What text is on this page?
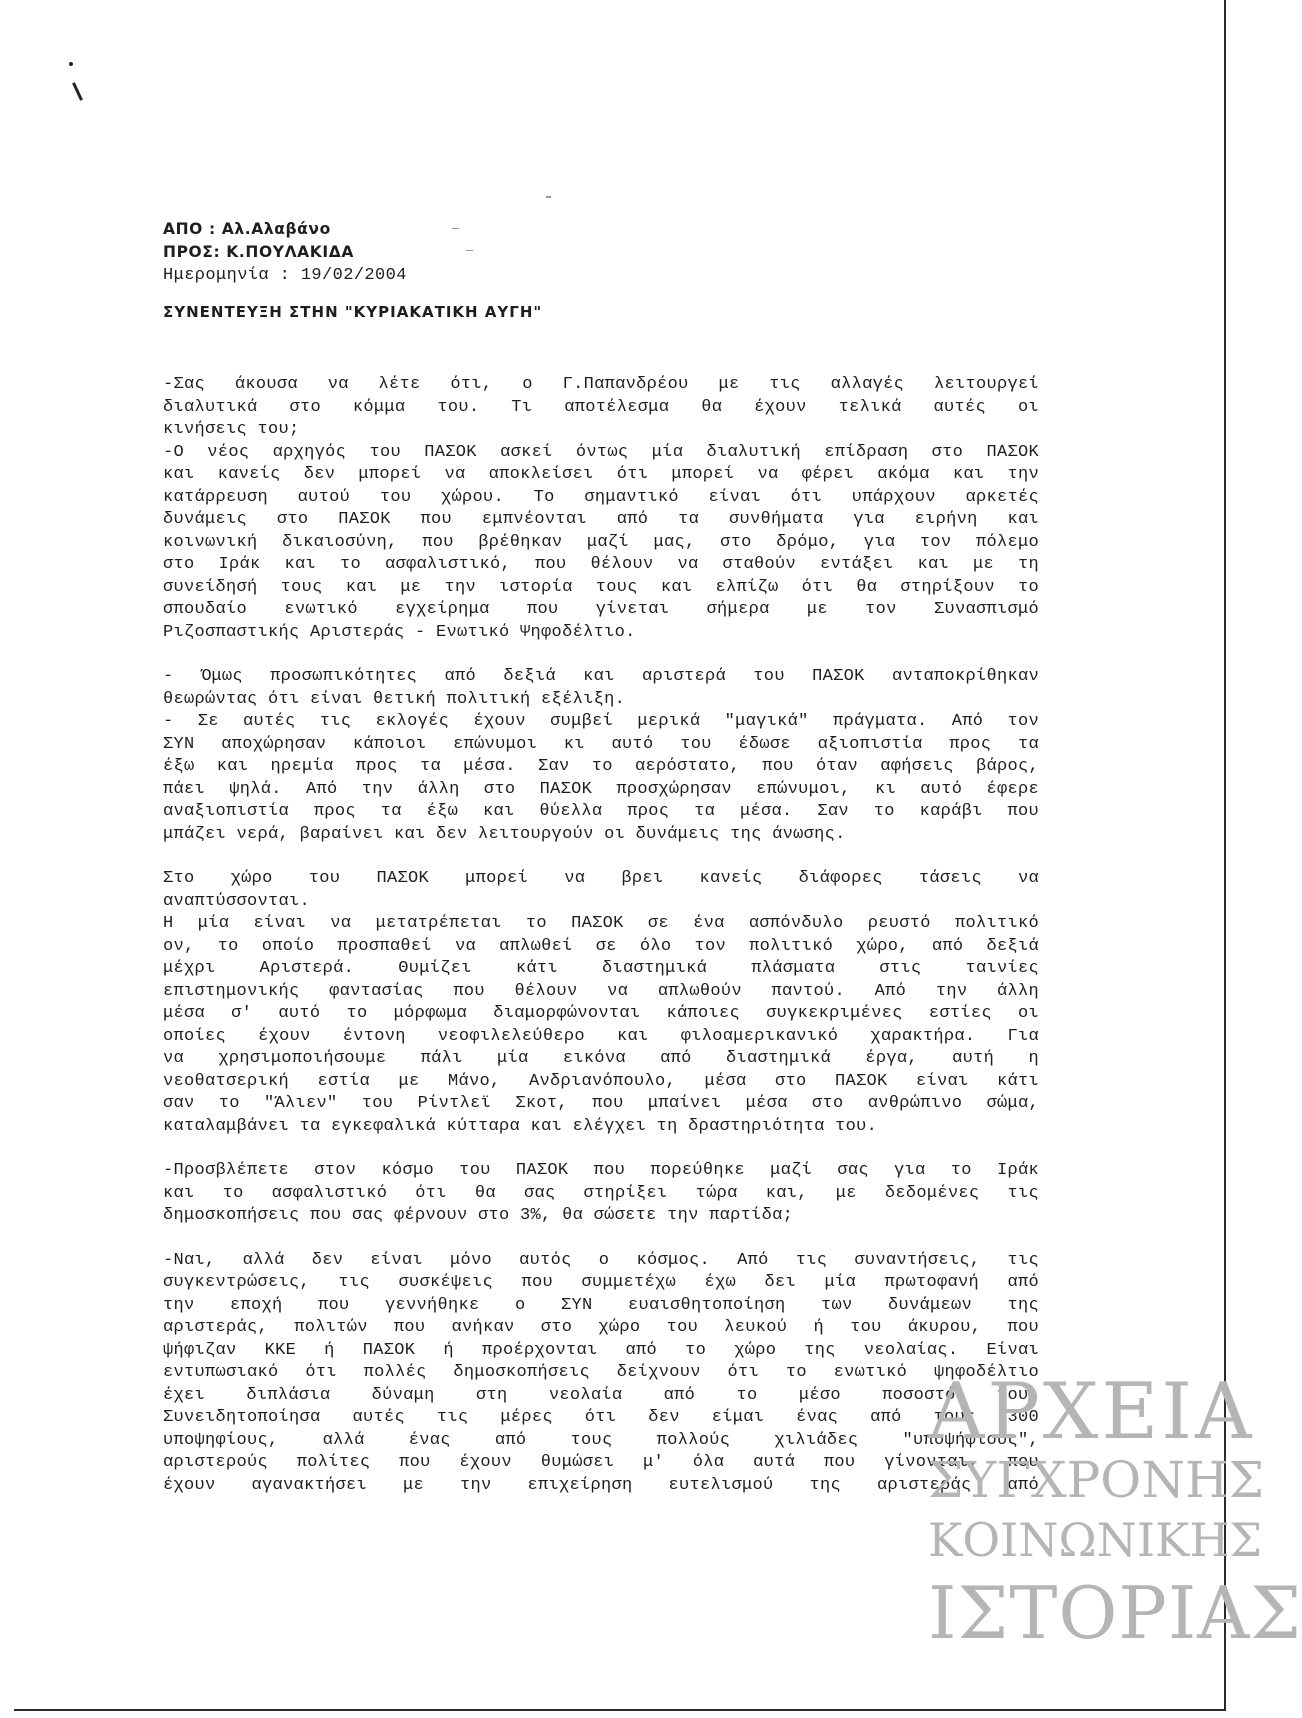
ΑΠΟ : Αλ.Αλαβάνο
ΠΡΟΣ: Κ.ΠΟΥΛΑΚΙΔΑ
Ημερομηνία : 19/02/2004
ΣΥΝΕΝΤΕΥΞΗ ΣΤΗΝ "ΚΥΡΙΑΚΑΤΙΚΗ ΑΥΓΗ"
-Σας άκουσα να λέτε ότι, ο Γ.Παπανδρέου με τις αλλαγές λειτουργεί
διαλυτικά στο κόμμα του. Τι αποτέλεσμα θα έχουν τελικά αυτές οι
κινήσεις του;
-Ο νέος αρχηγός του ΠΑΣΟΚ ασκεί όντως μία διαλυτική επίδραση στο ΠΑΣΟΚ
και κανείς δεν μπορεί να αποκλείσει ότι μπορεί να φέρει ακόμα και την
κατάρρευση αυτού του χώρου. Το σημαντικό είναι ότι υπάρχουν αρκετές
δυνάμεις στο ΠΑΣΟΚ που εμπνέονται από τα συνθήματα για ειρήνη και
κοινωνική δικαιοσύνη, που βρέθηκαν μαζί μας, στο δρόμο, για τον πόλεμο
στο Ιράκ και το ασφαλιστικό, που θέλουν να σταθούν εντάξει και με τη
συνείδησή τους και με την ιστορία τους και ελπίζω ότι θα στηρίξουν το
σπουδαίο ενωτικό εγχείρημα που γίνεται σήμερα με τον Συνασπισμό
Ριζοσπαστικής Αριστεράς - Ενωτικό Ψηφοδέλτιο.
- Όμως προσωπικότητες από δεξιά και αριστερά του ΠΑΣΟΚ ανταποκρίθηκαν
θεωρώντας ότι είναι θετική πολιτική εξέλιξη.
- Σε αυτές τις εκλογές έχουν συμβεί μερικά "μαγικά" πράγματα. Από τον
ΣΥΝ αποχώρησαν κάποιοι επώνυμοι κι αυτό του έδωσε αξιοπιστία προς τα
έξω και ηρεμία προς τα μέσα. Σαν το αερόστατο, που όταν αφήσεις βάρος,
πάει ψηλά. Από την άλλη στο ΠΑΣΟΚ προσχώρησαν επώνυμοι, κι αυτό έφερε
αναξιοπιστία προς τα έξω και θύελλα προς τα μέσα. Σαν το καράβι που
μπάζει νερά, βαραίνει και δεν λειτουργούν οι δυνάμεις της άνωσης.
Στο χώρο του ΠΑΣΟΚ μπορεί να βρει κανείς διάφορες τάσεις να
αναπτύσσονται.
Η μία είναι να μετατρέπεται το ΠΑΣΟΚ σε ένα ασπόνδυλο ρευστό πολιτικό
ον, το οποίο προσπαθεί να απλωθεί σε όλο τον πολιτικό χώρο, από δεξιά
μέχρι Αριστερά. Θυμίζει κάτι διαστημικά πλάσματα στις ταινίες
επιστημονικής φαντασίας που θέλουν να απλωθούν παντού. Από την άλλη
μέσα σ' αυτό το μόρφωμα διαμορφώνονται κάποιες συγκεκριμένες εστίες οι
οποίες έχουν έντονη νεοφιλελεύθερο και φιλοαμερικανικό χαρακτήρα. Για
να χρησιμοποιήσουμε πάλι μία εικόνα από διαστημικά έργα, αυτή η
νεοθατσερική εστία με Μάνο, Ανδριανόπουλο, μέσα στο ΠΑΣΟΚ είναι κάτι
σαν το "Άλιεν" του Ρίντλεϊ Σκοτ, που μπαίνει μέσα στο ανθρώπινο σώμα,
καταλαμβάνει τα εγκεφαλικά κύτταρα και ελέγχει τη δραστηριότητα του.
-Προσβλέπετε στον κόσμο του ΠΑΣΟΚ που πορεύθηκε μαζί σας για το Ιράκ
και το ασφαλιστικό ότι θα σας στηρίξει τώρα και, με δεδομένες τις
δημοσκοπήσεις που σας φέρνουν στο 3%, θα σώσετε την παρτίδα;
-Ναι, αλλά δεν είναι μόνο αυτός ο κόσμος. Από τις συναντήσεις, τις
συγκεντρώσεις, τις συσκέψεις που συμμετέχω έχω δει μία πρωτοφανή από
την εποχή που γεννήθηκε ο ΣΥΝ ευαισθητοποίηση των δυνάμεων της
αριστεράς, πολιτών που ανήκαν στο χώρο του λευκού ή του άκυρου, που
ψήφιζαν ΚΚΕ ή ΠΑΣΟΚ ή προέρχονται από το χώρο της νεολαίας. Είναι
εντυπωσιακό ότι πολλές δημοσκοπήσεις δείχνουν ότι το ενωτικό ψηφοδέλτιο
έχει διπλάσια δύναμη στη νεολαία από το μέσο ποσοστό του.
Συνειδητοποίησα αυτές τις μέρες ότι δεν είμαι ένας από τους 300
υποψηφίους, αλλά ένας από τους πολλούς χιλιάδες "υποψήφιους",
αριστερούς πολίτες που έχουν θυμώσει μ' όλα αυτά που γίνονται, που
έχουν αγανακτήσει με την επιχείρηση ευτελισμού της αριστεράς από
ΑΡΧΕΙΑ
ΣΥΓΧΡΟΝΗΣ
ΚΟΙΝΩΝΙΚΗΣ
ΙΣΤΟΡΙΑΣ
